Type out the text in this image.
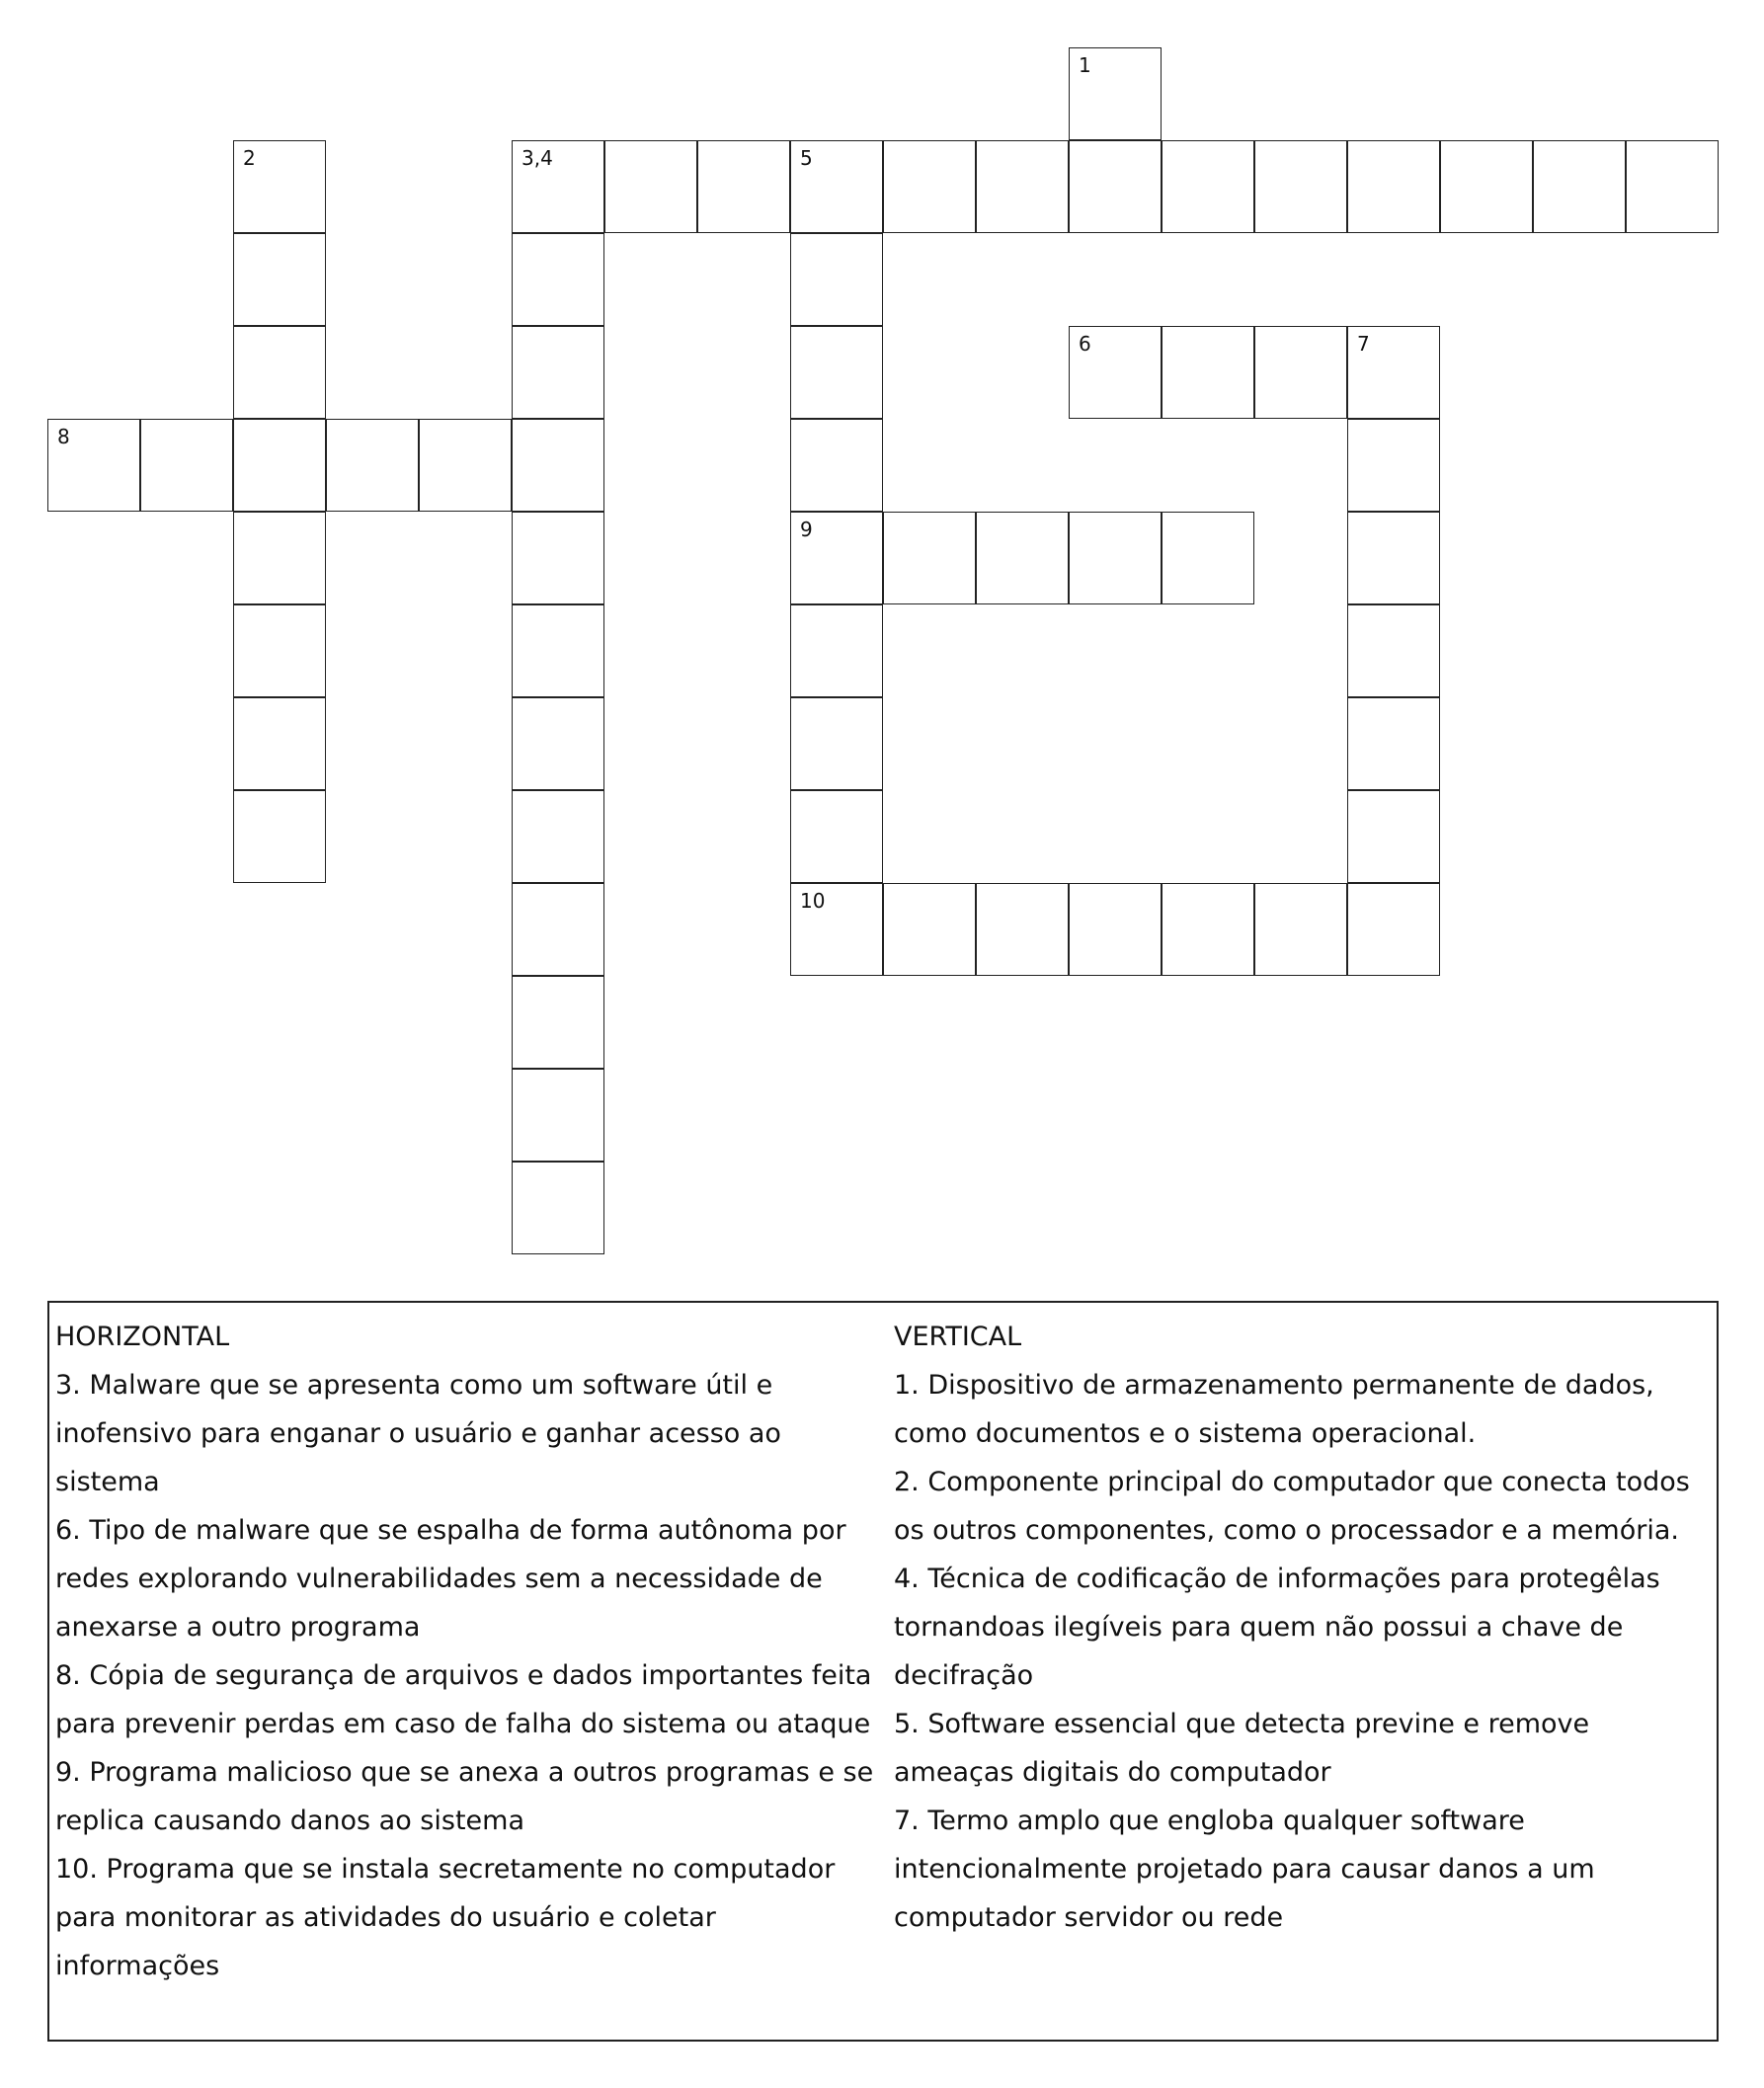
1
2	3,4	5
9
10
6	7
8

HORIZONTAL

3. Malware que se apresenta como um software útil e inofensivo para enganar o usuário e ganhar acesso ao sistema

6. Tipo de malware que se espalha de forma autônoma por redes explorando vulnerabilidades sem a necessidade de anexarse a outro programa

8. Cópia de segurança de arquivos e dados importantes feita para prevenir perdas em caso de falha do sistema ou ataque

9. Programa malicioso que se anexa a outros programas e se replica causando danos ao sistema

10. Programa que se instala secretamente no computador para monitorar as atividades do usuário e coletar informações

VERTICAL

1. Dispositivo de armazenamento permanente de dados, como documentos e o sistema operacional.

2. Componente principal do computador que conecta todos os outros componentes, como o processador e a memória.

4. Técnica de codificação de informações para protegêlas tornandoas ilegíveis para quem não possui a chave de decifração

5. Software essencial que detecta previne e remove ameaças digitais do computador

7. Termo amplo que engloba qualquer software intencionalmente projetado para causar danos a um computador servidor ou rede
